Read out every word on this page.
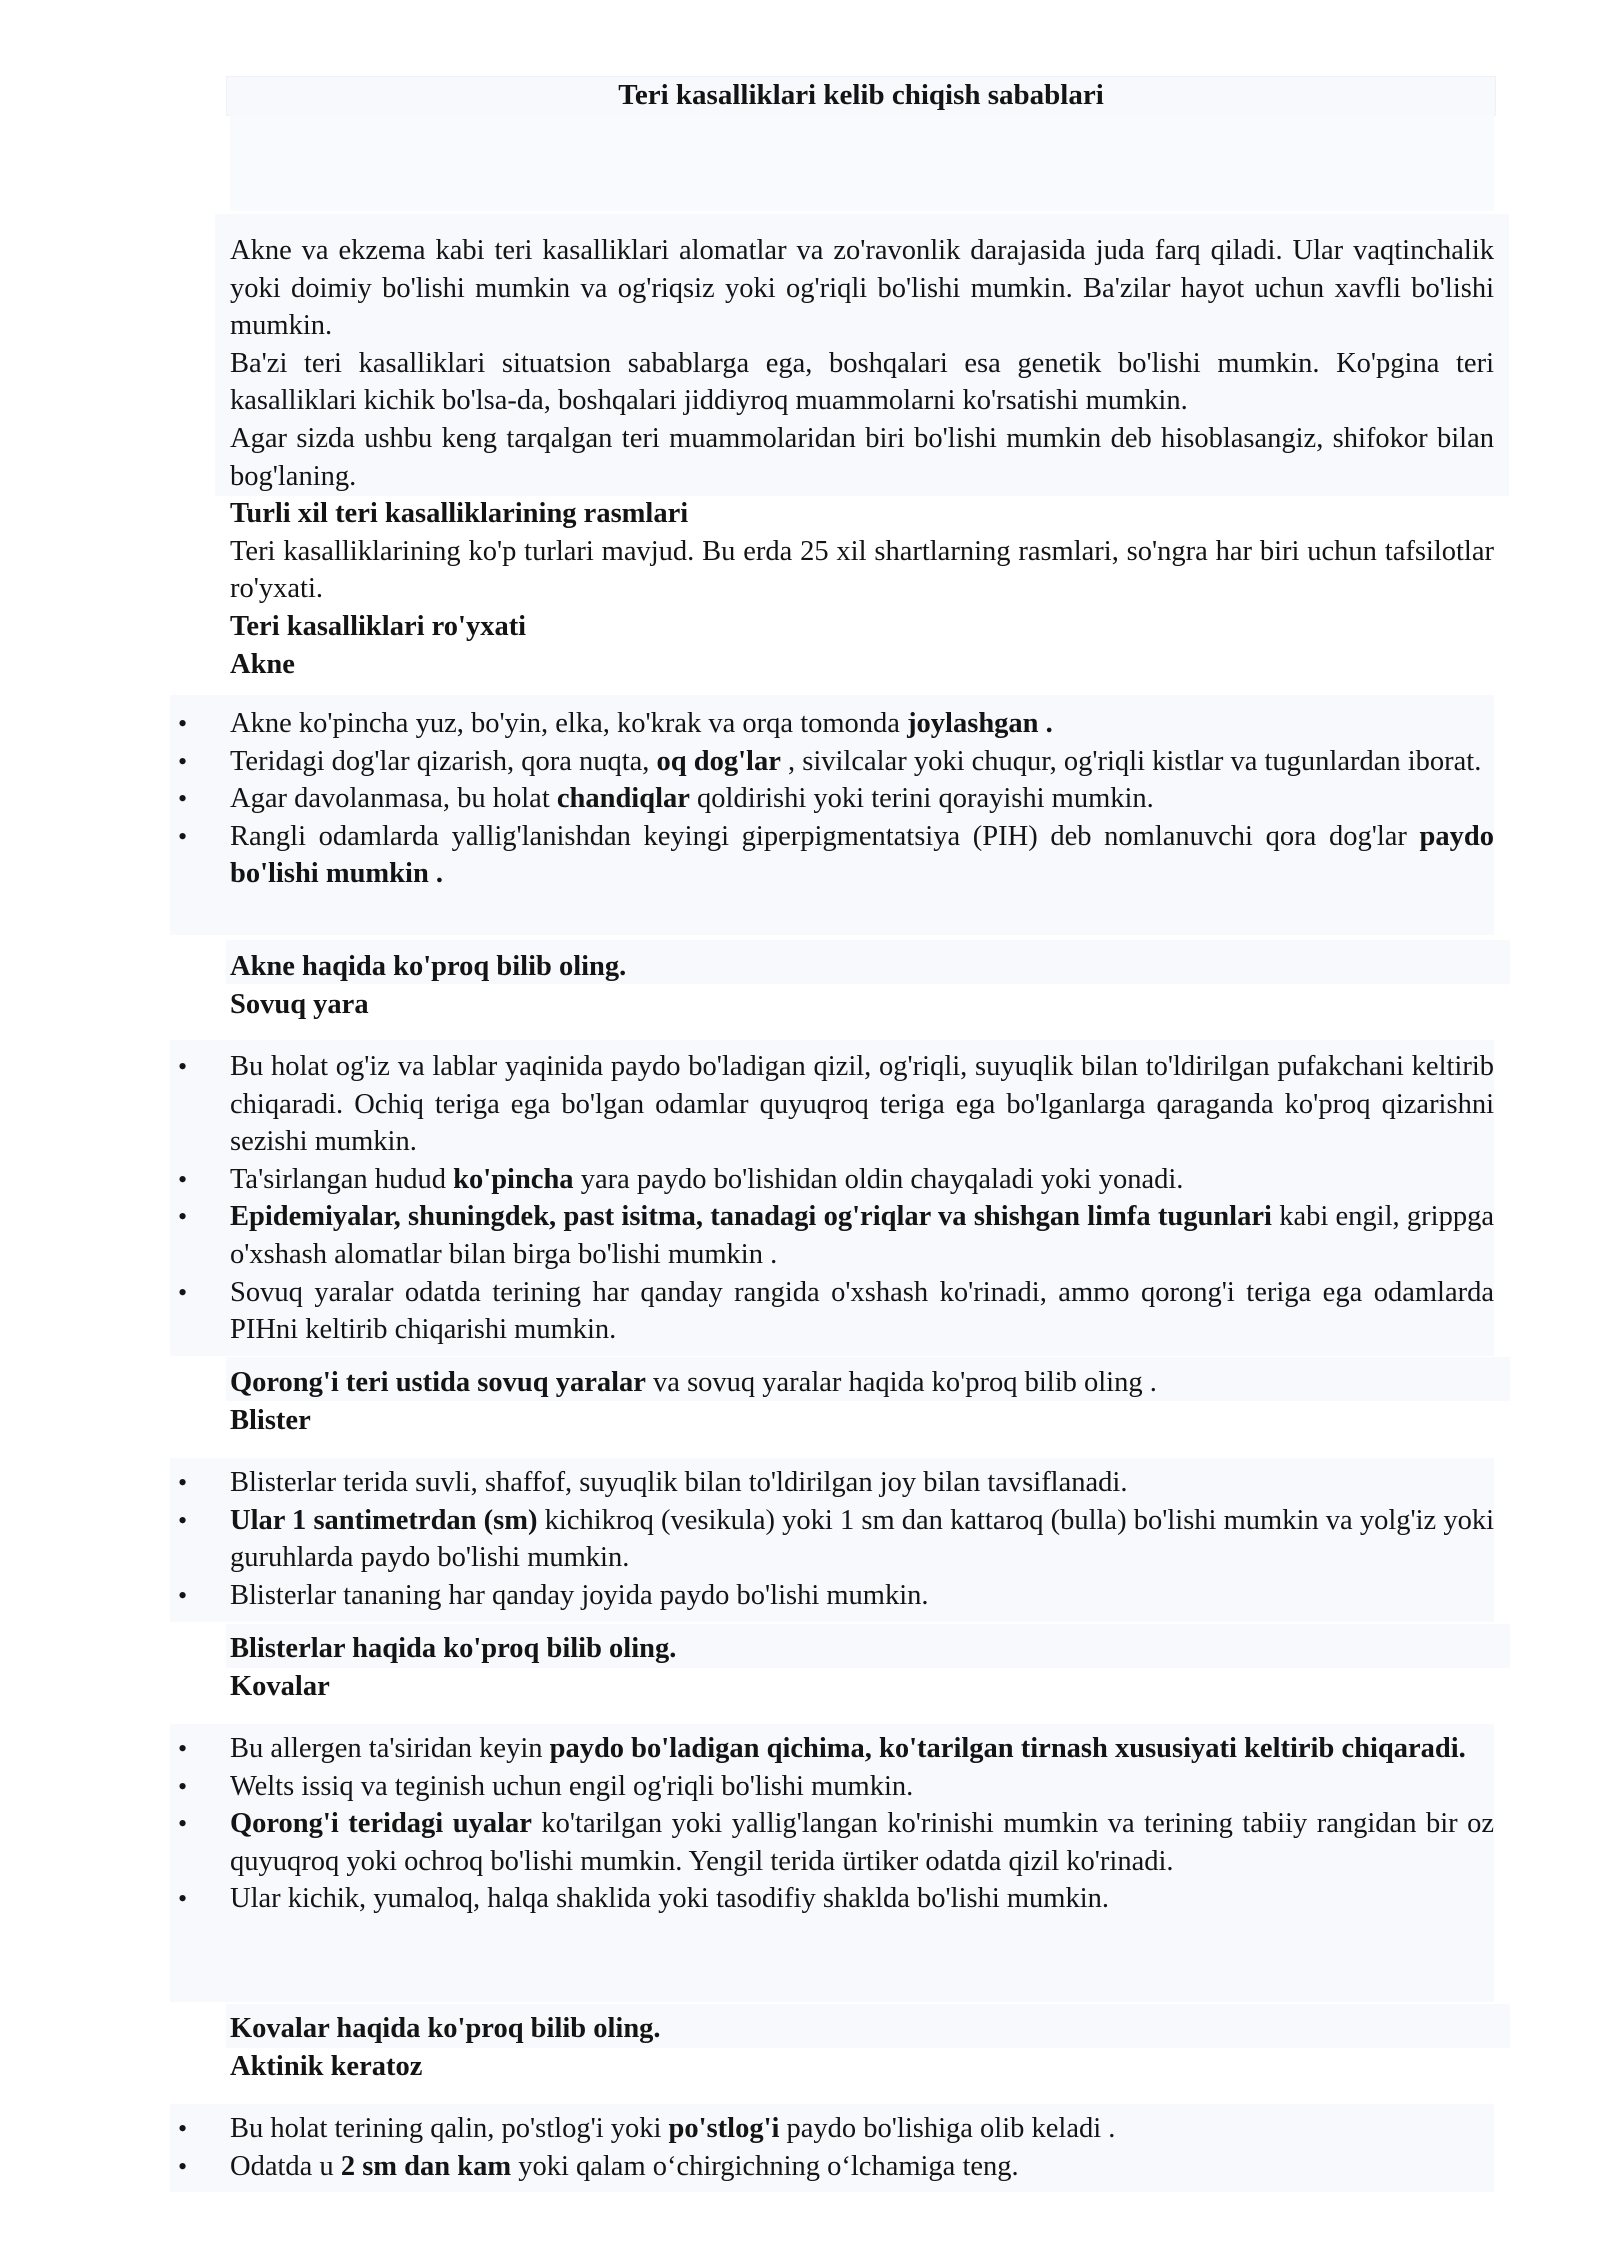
Teri kasalliklari kelib chiqish sabablari

Akne va ekzema kabi teri kasalliklari alomatlar va zo'ravonlik darajasida juda farq qiladi. Ular vaqtinchalik yoki doimiy bo'lishi mumkin va og'riqsiz yoki og'riqli bo'lishi mumkin. Ba'zilar hayot uchun xavfli bo'lishi mumkin.

Ba'zi teri kasalliklari situatsion sabablarga ega, boshqalari esa genetik bo'lishi mumkin. Ko'pgina teri kasalliklari kichik bo'lsa-da, boshqalari jiddiyroq muammolarni ko'rsatishi mumkin.

Agar sizda ushbu keng tarqalgan teri muammolaridan biri bo'lishi mumkin deb hisoblasangiz, shifokor bilan bog'laning.

Turli xil teri kasalliklarining rasmlari

Teri kasalliklarining ko'p turlari mavjud. Bu erda 25 xil shartlarning rasmlari, so'ngra har biri uchun tafsilotlar ro'yxati.

Teri kasalliklari ro'yxati

Akne

• Akne ko'pincha yuz, bo'yin, elka, ko'krak va orqa tomonda joylashgan .
• Teridagi dog'lar qizarish, qora nuqta, oq dog'lar , sivilcalar yoki chuqur, og'riqli kistlar va tugunlardan iborat.
• Agar davolanmasa, bu holat chandiqlar qoldirishi yoki terini qorayishi mumkin.
• Rangli odamlarda yallig'lanishdan keyingi giperpigmentatsiya (PIH) deb nomlanuvchi qora dog'lar paydo bo'lishi mumkin .

Akne haqida ko'proq bilib oling.

Sovuq yara

• Bu holat og'iz va lablar yaqinida paydo bo'ladigan qizil, og'riqli, suyuqlik bilan to'ldirilgan pufakchani keltirib chiqaradi. Ochiq teriga ega bo'lgan odamlar quyuqroq teriga ega bo'lganlarga qaraganda ko'proq qizarishni sezishi mumkin.
• Ta'sirlangan hudud ko'pincha yara paydo bo'lishidan oldin chayqaladi yoki yonadi.
• Epidemiyalar, shuningdek, past isitma, tanadagi og'riqlar va shishgan limfa tugunlari kabi engil, grippga o'xshash alomatlar bilan birga bo'lishi mumkin .
• Sovuq yaralar odatda terining har qanday rangida o'xshash ko'rinadi, ammo qorong'i teriga ega odamlarda PIHni keltirib chiqarishi mumkin.

Qorong'i teri ustida sovuq yaralar va sovuq yaralar haqida ko'proq bilib oling .

Blister

• Blisterlar terida suvli, shaffof, suyuqlik bilan to'ldirilgan joy bilan tavsiflanadi.
• Ular 1 santimetrdan (sm) kichikroq (vesikula) yoki 1 sm dan kattaroq (bulla) bo'lishi mumkin va yolg'iz yoki guruhlarda paydo bo'lishi mumkin.
• Blisterlar tananing har qanday joyida paydo bo'lishi mumkin.

Blisterlar haqida ko'proq bilib oling.

Kovalar

• Bu allergen ta'siridan keyin paydo bo'ladigan qichima, ko'tarilgan tirnash xususiyati keltirib chiqaradi.
• Welts issiq va teginish uchun engil og'riqli bo'lishi mumkin.
• Qorong'i teridagi uyalar ko'tarilgan yoki yallig'langan ko'rinishi mumkin va terining tabiiy rangidan bir oz quyuqroq yoki ochroq bo'lishi mumkin. Yengil terida ürtiker odatda qizil ko'rinadi.
• Ular kichik, yumaloq, halqa shaklida yoki tasodifiy shaklda bo'lishi mumkin.

Kovalar haqida ko'proq bilib oling.

Aktinik keratoz

• Bu holat terining qalin, po'stlog'i yoki po'stlog'i paydo bo'lishiga olib keladi .
• Odatda u 2 sm dan kam yoki qalam oʻchirgichning oʻlchamiga teng.
